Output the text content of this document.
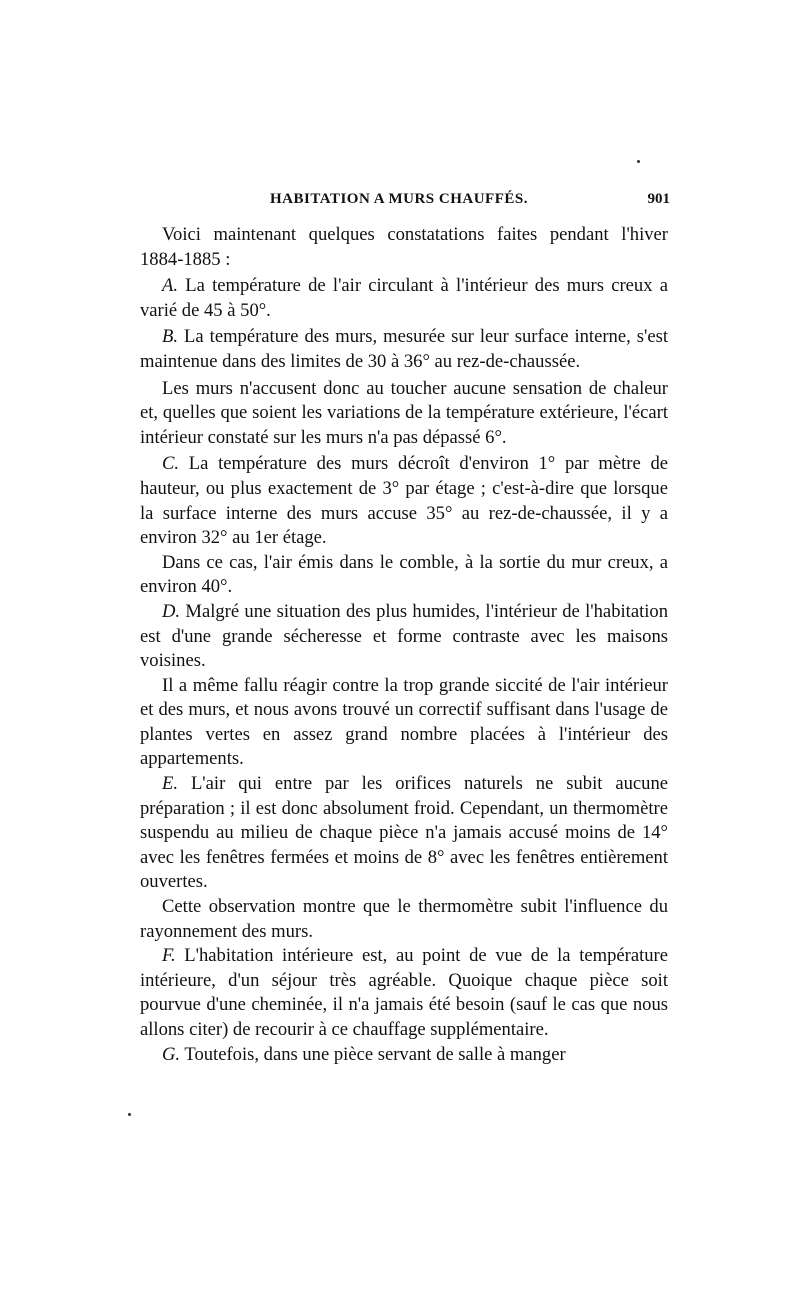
HABITATION A MURS CHAUFFÉS.	901

Voici maintenant quelques constatations faites pendant l'hiver 1884-1885 :

A. La température de l'air circulant à l'intérieur des murs creux a varié de 45 à 50°.

B. La température des murs, mesurée sur leur surface interne, s'est maintenue dans des limites de 30 à 36° au rez-de-chaussée.

Les murs n'accusent donc au toucher aucune sensation de chaleur et, quelles que soient les variations de la température extérieure, l'écart intérieur constaté sur les murs n'a pas dépassé 6°.

C. La température des murs décroît d'environ 1° par mètre de hauteur, ou plus exactement de 3° par étage ; c'est-à-dire que lorsque la surface interne des murs accuse 35° au rez-de-chaussée, il y a environ 32° au 1er étage.

Dans ce cas, l'air émis dans le comble, à la sortie du mur creux, a environ 40°.

D. Malgré une situation des plus humides, l'intérieur de l'habitation est d'une grande sécheresse et forme contraste avec les maisons voisines.

Il a même fallu réagir contre la trop grande siccité de l'air intérieur et des murs, et nous avons trouvé un correctif suffisant dans l'usage de plantes vertes en assez grand nombre placées à l'intérieur des appartements.

E. L'air qui entre par les orifices naturels ne subit aucune préparation ; il est donc absolument froid. Cependant, un thermomètre suspendu au milieu de chaque pièce n'a jamais accusé moins de 14° avec les fenêtres fermées et moins de 8° avec les fenêtres entièrement ouvertes.

Cette observation montre que le thermomètre subit l'influence du rayonnement des murs.

F. L'habitation intérieure est, au point de vue de la température intérieure, d'un séjour très agréable. Quoique chaque pièce soit pourvue d'une cheminée, il n'a jamais été besoin (sauf le cas que nous allons citer) de recourir à ce chauffage supplémentaire.

G. Toutefois, dans une pièce servant de salle à manger
